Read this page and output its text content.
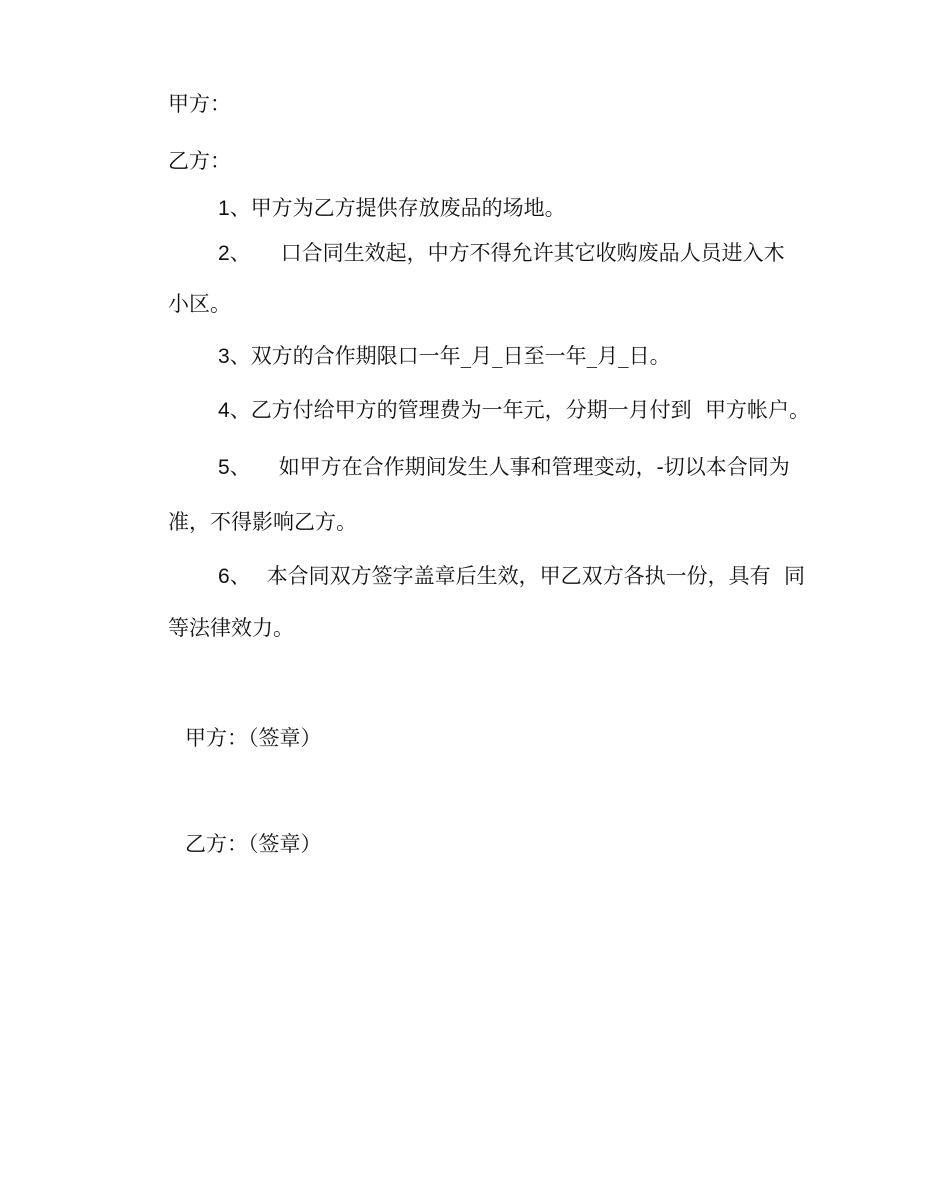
甲方：
乙方：
1、甲方为乙方提供存放废品的场地。
2、 口合同生效起，中方不得允许其它收购废品人员进入木
小区。
3、双方的合作期限口一年_月_日至一年_月_日。
4、乙方付给甲方的管理费为一年元，分期一月付到  甲方帐户。
5、 如甲方在合作期间发生人事和管理变动，-切以本合同为
准，不得影响乙方。
6、 本合同双方签字盖章后生效，甲乙双方各执一份，具有  同
等法律效力。
甲方：（签章）
乙方：（签章）
